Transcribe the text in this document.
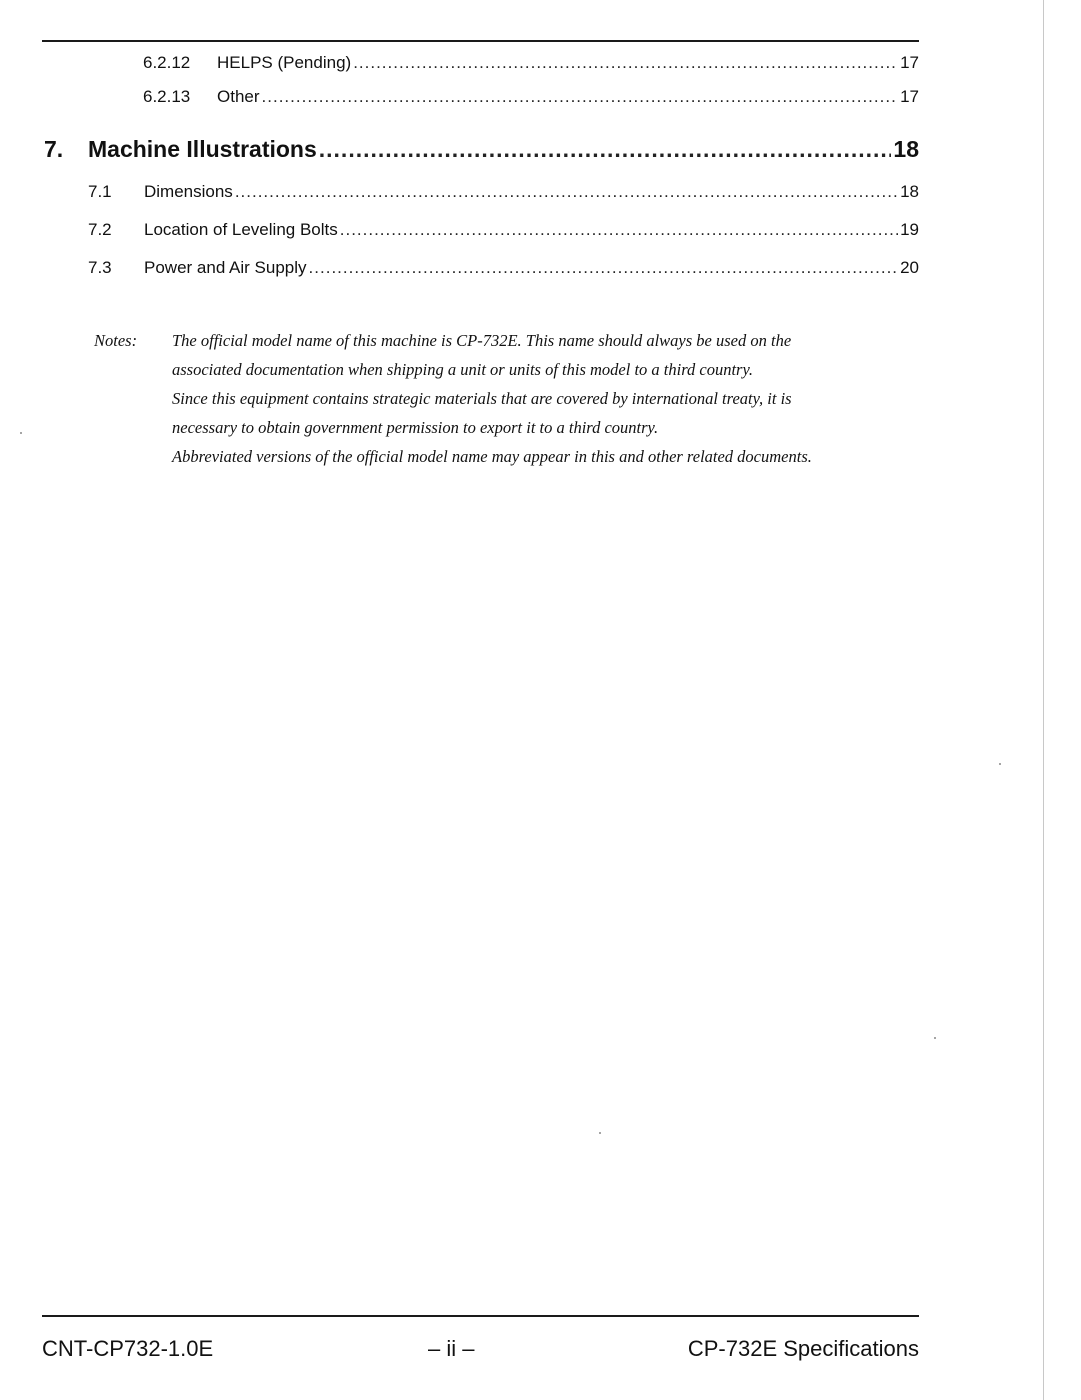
6.2.12 HELPS (Pending) .....	17
6.2.13 Other .....	17
7. Machine Illustrations .....	18
7.1 Dimensions .....	18
7.2 Location of Leveling Bolts .....	19
7.3 Power and Air Supply .....	20
Notes: The official model name of this machine is CP-732E. This name should always be used on the

associated documentation when shipping a unit or units of this model to a third country.

Since this equipment contains strategic materials that are covered by international treaty, it is

necessary to obtain government permission to export it to a third country.

Abbreviated versions of the official model name may appear in this and other related documents.

CNT-CP732-1.0E	– ii –	CP-732E Specifications
